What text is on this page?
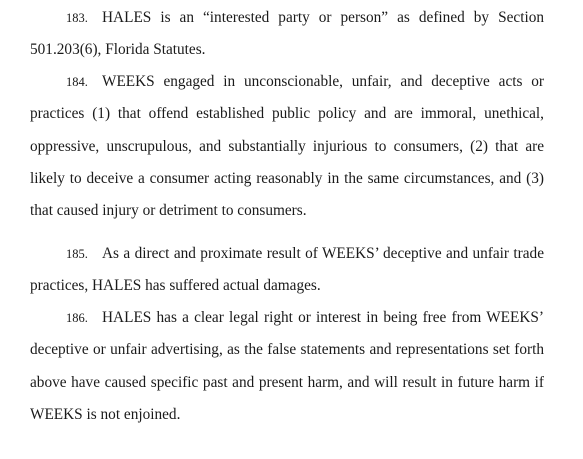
183. HALES is an “interested party or person” as defined by Section 501.203(6), Florida Statutes.

184. WEEKS engaged in unconscionable, unfair, and deceptive acts or practices (1) that offend established public policy and are immoral, unethical, oppressive, unscrupulous, and substantially injurious to consumers, (2) that are likely to deceive a consumer acting reasonably in the same circumstances, and (3) that caused injury or detriment to consumers.

185. As a direct and proximate result of WEEKS’ deceptive and unfair trade practices, HALES has suffered actual damages.

186. HALES has a clear legal right or interest in being free from WEEKS’ deceptive or unfair advertising, as the false statements and representations set forth above have caused specific past and present harm, and will result in future harm if WEEKS is not enjoined.
